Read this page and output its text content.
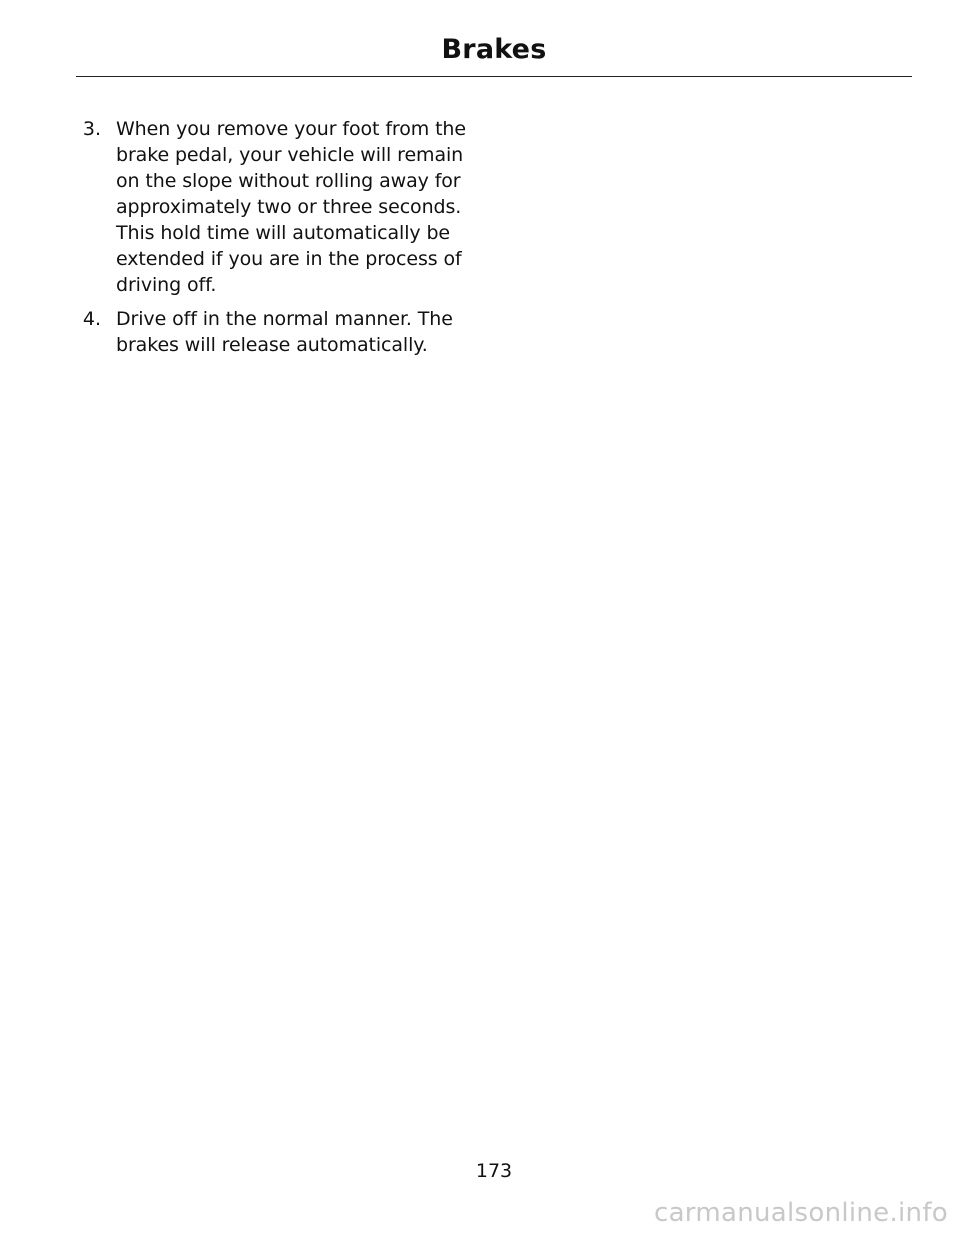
Brakes
3. When you remove your foot from the
brake pedal, your vehicle will remain
on the slope without rolling away for
approximately two or three seconds.
This hold time will automatically be
extended if you are in the process of
driving off.
4. Drive off in the normal manner. The
brakes will release automatically.
173
carmanualsonline.info
